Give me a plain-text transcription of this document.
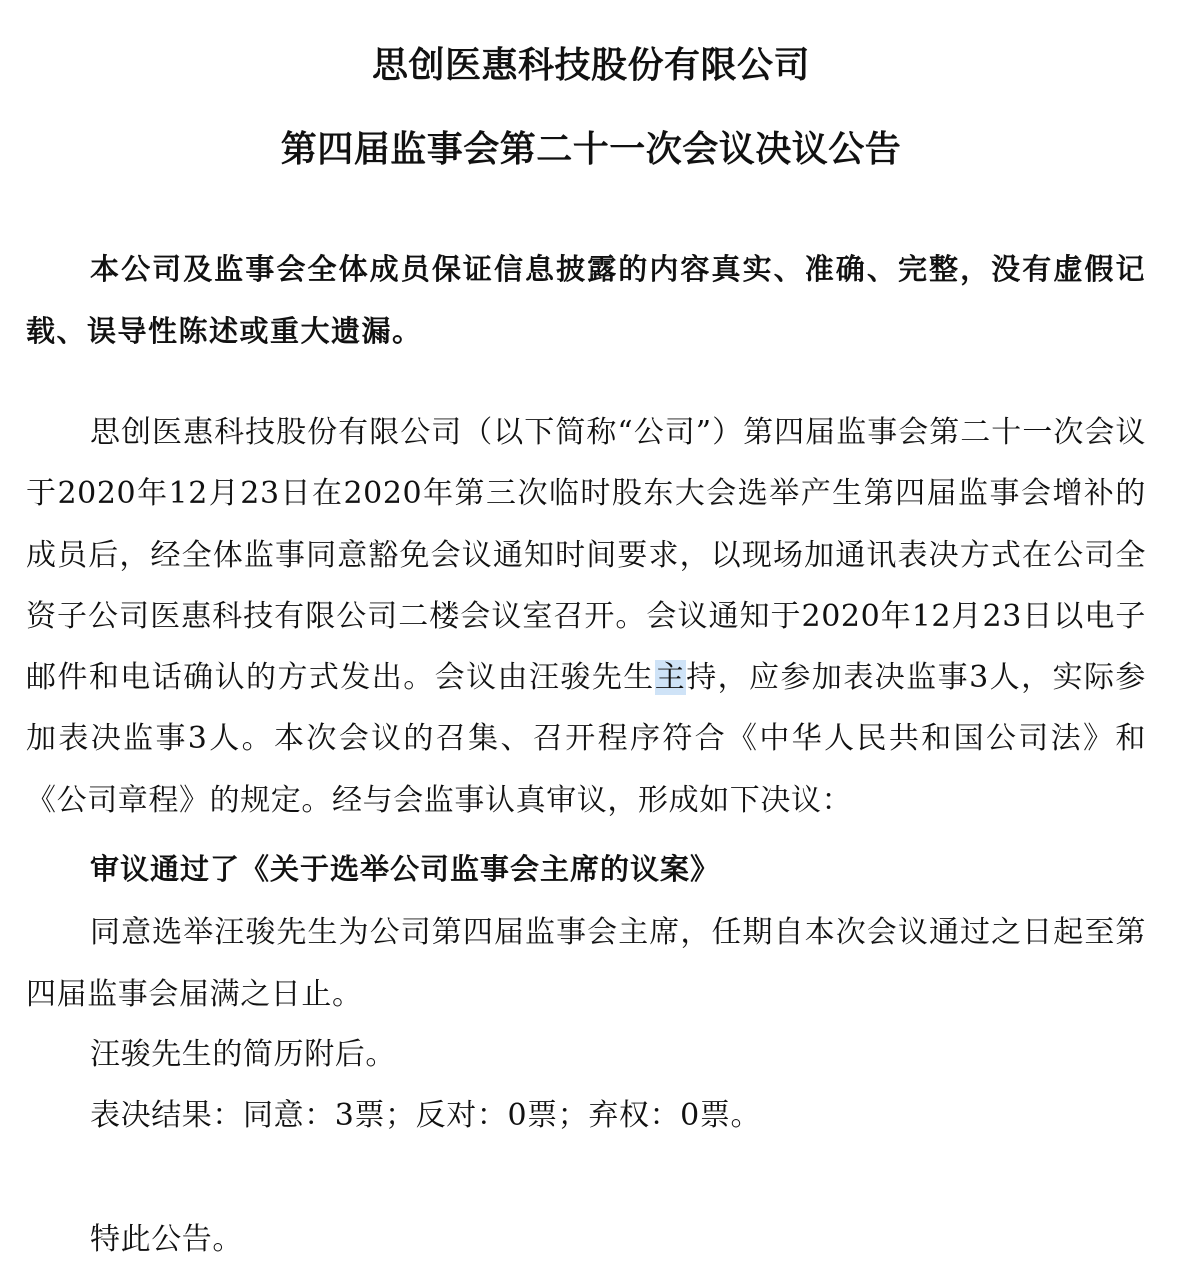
思创医惠科技股份有限公司
第四届监事会第二十一次会议决议公告
本公司及监事会全体成员保证信息披露的内容真实、准确、完整，没有虚假记载、误导性陈述或重大遗漏。
思创医惠科技股份有限公司（以下简称“公司”）第四届监事会第二十一次会议于2020年12月23日在2020年第三次临时股东大会选举产生第四届监事会增补的成员后，经全体监事同意豁免会议通知时间要求，以现场加通讯表决方式在公司全资子公司医惠科技有限公司二楼会议室召开。会议通知于2020年12月23日以电子邮件和电话确认的方式发出。会议由汪骏先生主持，应参加表决监事3人，实际参加表决监事3人。本次会议的召集、召开程序符合《中华人民共和国公司法》和《公司章程》的规定。经与会监事认真审议，形成如下决议：
审议通过了《关于选举公司监事会主席的议案》
同意选举汪骏先生为公司第四届监事会主席，任期自本次会议通过之日起至第四届监事会届满之日止。
汪骏先生的简历附后。
表决结果：同意：3票；反对：0票；弃权：0票。
特此公告。
